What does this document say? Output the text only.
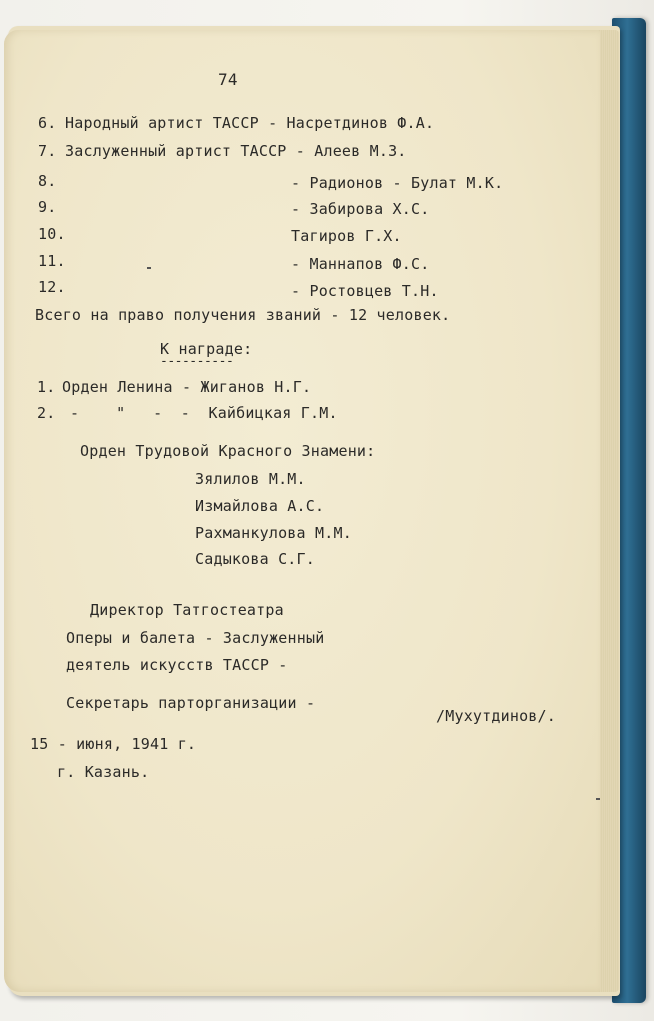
74
6. Народный артист ТАССР - Насретдинов Ф.А.
7. Заслуженный артист ТАССР - Алеев М.З.
8.	- Радионов - Булат М.К.
9.	- Забирова Х.С.
10.	Тагиров Г.Х.
11.	- Маннапов Ф.С.
12.	- Ростовцев Т.Н.
Всего на право получения званий - 12 человек.
К награде:
----------
1. Орден Ленина - Жиганов Н.Г.
2. -    "   -  -  Кайбицкая Г.М.
Орден Трудовой Красного Знамени:
Зялилов М.М.
Измайлова А.С.
Рахманкулова М.М.
Садыкова С.Г.
Директор Татгостеатра
Оперы и балета - Заслуженный
деятель искусств ТАССР -
Секретарь парторганизации -
/Мухутдинов/.
15 - июня, 1941 г.
г. Казань.
